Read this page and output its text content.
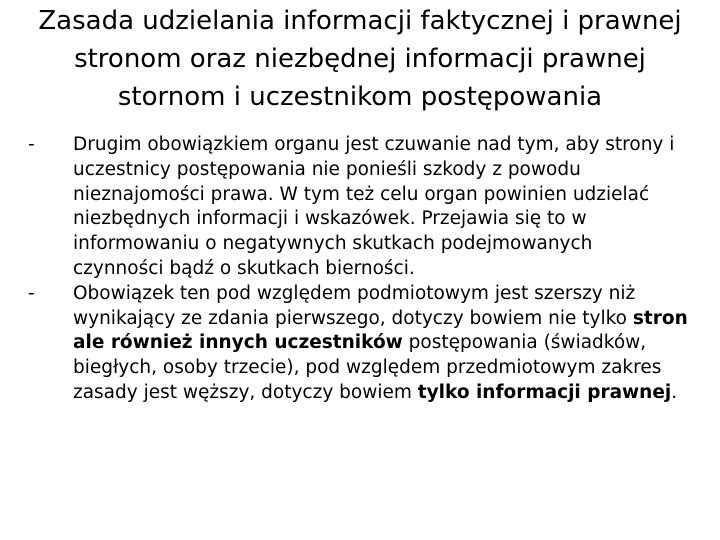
Zasada udzielania informacji faktycznej i prawnej stronom oraz niezbędnej informacji prawnej stornom i uczestnikom postępowania
-	Drugim obowiązkiem organu jest czuwanie nad tym, aby strony i uczestnicy postępowania nie ponieśli szkody z powodu nieznajomości prawa. W tym też celu organ powinien udzielać niezbędnych informacji i wskazówek. Przejawia się to w informowaniu o negatywnych skutkach podejmowanych czynności bądź o skutkach bierności.
-	Obowiązek ten pod względem podmiotowym jest szerszy niż wynikający ze zdania pierwszego, dotyczy bowiem nie tylko stron ale również innych uczestników postępowania (świadków, biegłych, osoby trzecie), pod względem przedmiotowym zakres zasady jest węższy, dotyczy bowiem tylko informacji prawnej.
